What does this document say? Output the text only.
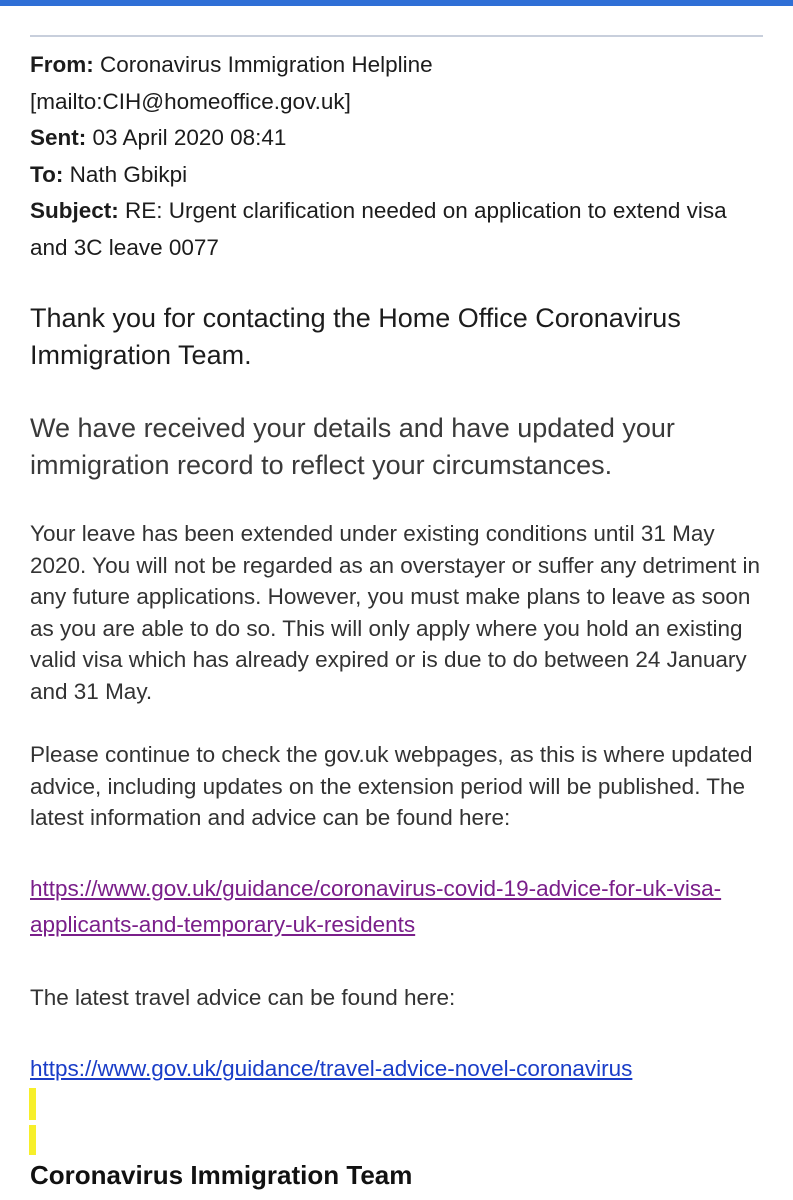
From: Coronavirus Immigration Helpline
[mailto:CIH@homeoffice.gov.uk]
Sent: 03 April 2020 08:41
To: Nath Gbikpi
Subject: RE: Urgent clarification needed on application to extend visa and 3C leave 0077
Thank you for contacting the Home Office Coronavirus Immigration Team.
We have received your details and have updated your immigration record to reflect your circumstances.
Your leave has been extended under existing conditions until 31 May 2020. You will not be regarded as an overstayer or suffer any detriment in any future applications. However, you must make plans to leave as soon as you are able to do so. This will only apply where you hold an existing valid visa which has already expired or is due to do between 24 January and 31 May.
Please continue to check the gov.uk webpages, as this is where updated advice, including updates on the extension period will be published. The latest information and advice can be found here:
https://www.gov.uk/guidance/coronavirus-covid-19-advice-for-uk-visa-applicants-and-temporary-uk-residents
The latest travel advice can be found here:
https://www.gov.uk/guidance/travel-advice-novel-coronavirus
Coronavirus Immigration Team
